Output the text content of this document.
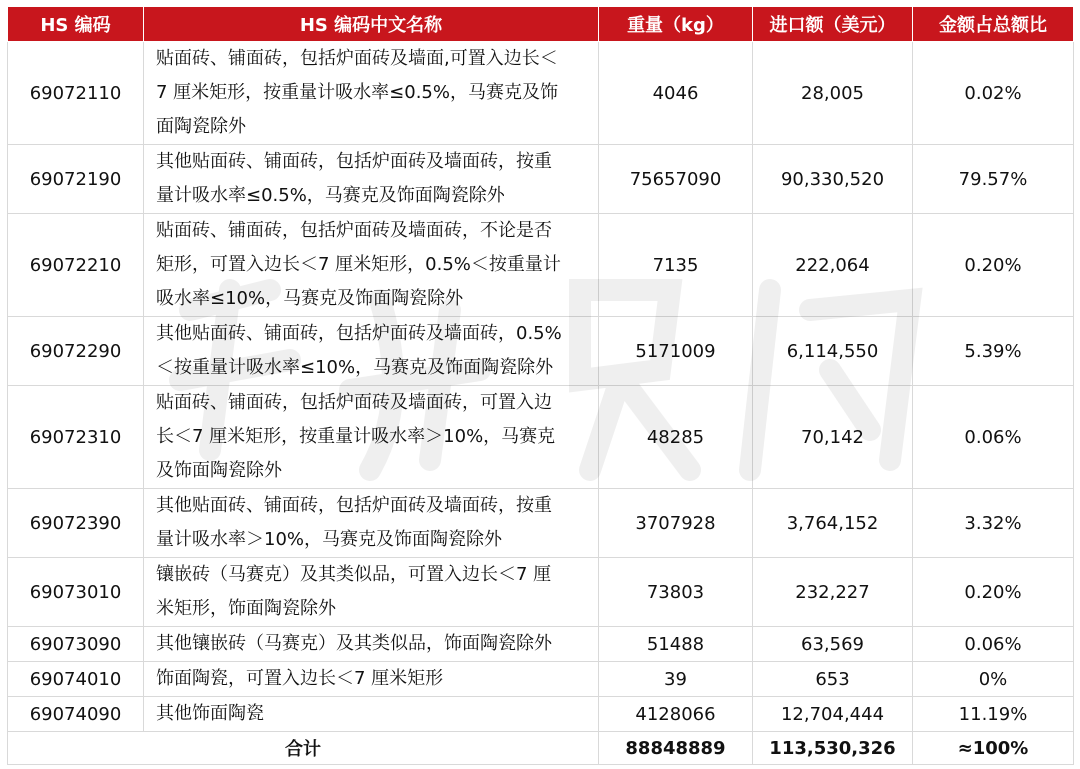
HS 编码	HS 编码中文名称	重量（kg）	进口额（美元）	金额占总额比
69072110	贴面砖、铺面砖，包括炉面砖及墙面,可置入边长＜
7 厘米矩形，按重量计吸水率≤0.5%，马赛克及饰
面陶瓷除外	4046	28,005	0.02%
69072190	其他贴面砖、铺面砖，包括炉面砖及墙面砖，按重
量计吸水率≤0.5%，马赛克及饰面陶瓷除外	75657090	90,330,520	79.57%
69072210	贴面砖、铺面砖，包括炉面砖及墙面砖，不论是否
矩形，可置入边长＜7 厘米矩形，0.5%＜按重量计
吸水率≤10%，马赛克及饰面陶瓷除外	7135	222,064	0.20%
69072290	其他贴面砖、铺面砖，包括炉面砖及墙面砖，0.5%
＜按重量计吸水率≤10%，马赛克及饰面陶瓷除外	5171009	6,114,550	5.39%
69072310	贴面砖、铺面砖，包括炉面砖及墙面砖，可置入边
长＜7 厘米矩形，按重量计吸水率＞10%，马赛克
及饰面陶瓷除外	48285	70,142	0.06%
69072390	其他贴面砖、铺面砖，包括炉面砖及墙面砖，按重
量计吸水率＞10%，马赛克及饰面陶瓷除外	3707928	3,764,152	3.32%
69073010	镶嵌砖（马赛克）及其类似品，可置入边长＜7 厘
米矩形，饰面陶瓷除外	73803	232,227	0.20%
69073090	其他镶嵌砖（马赛克）及其类似品，饰面陶瓷除外	51488	63,569	0.06%
69074010	饰面陶瓷，可置入边长＜7 厘米矩形	39	653	0%
69074090	其他饰面陶瓷	4128066	12,704,444	11.19%
合计		88848889	113,530,326	≈100%
